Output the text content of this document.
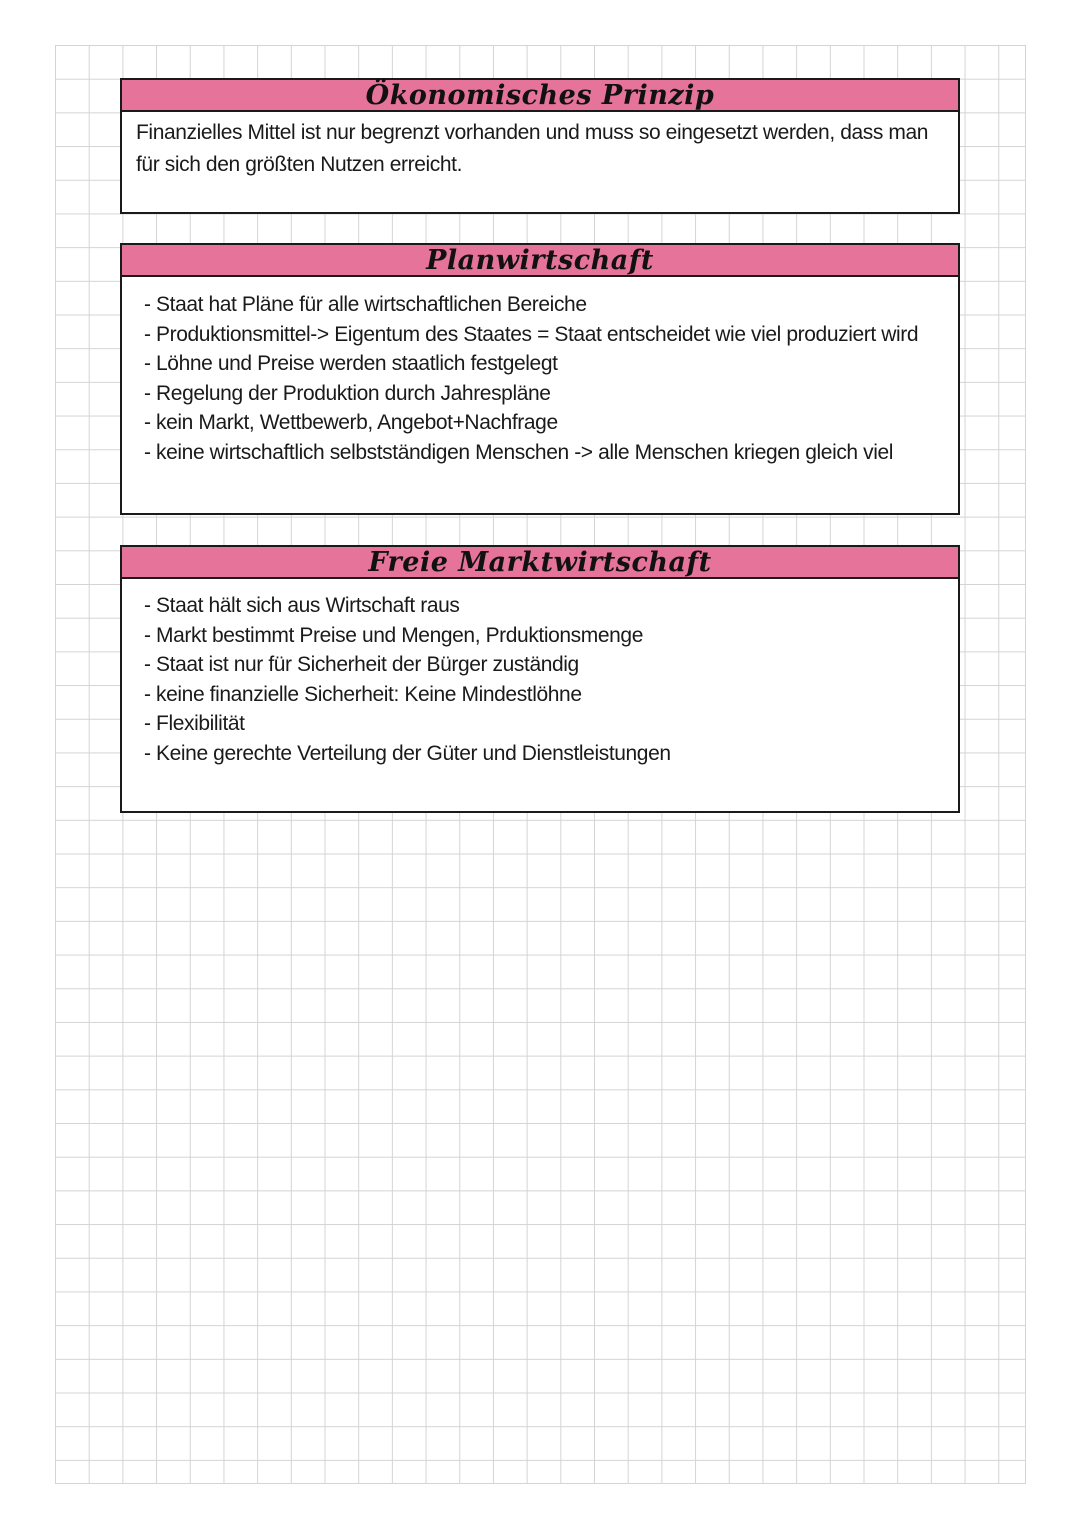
Ökonomisches Prinzip
Finanzielles Mittel ist nur begrenzt vorhanden und muss so eingesetzt werden, dass man für sich den größten Nutzen erreicht.
Planwirtschaft
- Staat hat Pläne für alle wirtschaftlichen Bereiche
- Produktionsmittel-> Eigentum des Staates = Staat entscheidet wie viel produziert wird
- Löhne und Preise werden staatlich festgelegt
- Regelung der Produktion durch Jahrespläne
- kein Markt, Wettbewerb, Angebot+Nachfrage
- keine wirtschaftlich selbstständigen Menschen -> alle Menschen kriegen gleich viel
Freie Marktwirtschaft
- Staat hält sich aus Wirtschaft raus
- Markt bestimmt Preise und Mengen, Prduktionsmenge
- Staat ist nur für Sicherheit der Bürger zuständig
- keine finanzielle Sicherheit: Keine Mindestlöhne
- Flexibilität
- Keine gerechte Verteilung der Güter und Dienstleistungen
